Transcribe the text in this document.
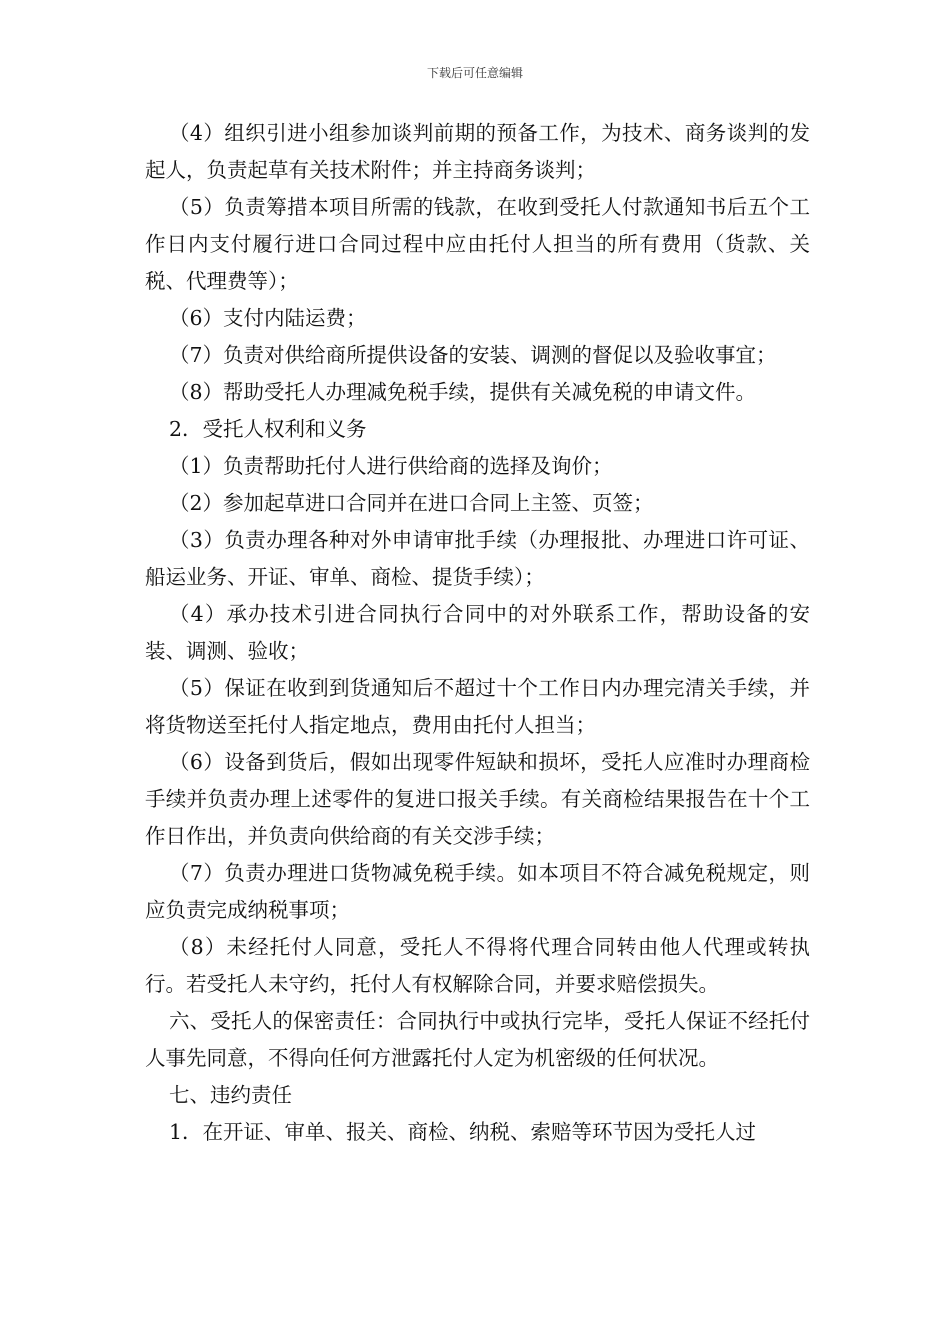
下载后可任意编辑

（4）组织引进小组参加谈判前期的预备工作，为技术、商务谈判的发起人，负责起草有关技术附件；并主持商务谈判；

（5）负责筹措本项目所需的钱款，在收到受托人付款通知书后五个工作日内支付履行进口合同过程中应由托付人担当的所有费用（货款、关税、代理费等）；

（6）支付内陆运费；

（7）负责对供给商所提供设备的安装、调测的督促以及验收事宜；

（8）帮助受托人办理减免税手续，提供有关减免税的申请文件。

2．受托人权利和义务

（1）负责帮助托付人进行供给商的选择及询价；

（2）参加起草进口合同并在进口合同上主签、页签；

（3）负责办理各种对外申请审批手续（办理报批、办理进口许可证、船运业务、开证、审单、商检、提货手续）；

（4）承办技术引进合同执行合同中的对外联系工作，帮助设备的安装、调测、验收；

（5）保证在收到到货通知后不超过十个工作日内办理完清关手续，并将货物送至托付人指定地点，费用由托付人担当；

（6）设备到货后，假如出现零件短缺和损坏，受托人应准时办理商检手续并负责办理上述零件的复进口报关手续。有关商检结果报告在十个工作日作出，并负责向供给商的有关交涉手续；

（7）负责办理进口货物减免税手续。如本项目不符合减免税规定，则应负责完成纳税事项；

（8）未经托付人同意，受托人不得将代理合同转由他人代理或转执行。若受托人未守约，托付人有权解除合同，并要求赔偿损失。

六、受托人的保密责任：合同执行中或执行完毕，受托人保证不经托付人事先同意，不得向任何方泄露托付人定为机密级的任何状况。

七、违约责任

1．在开证、审单、报关、商检、纳税、索赔等环节因为受托人过
